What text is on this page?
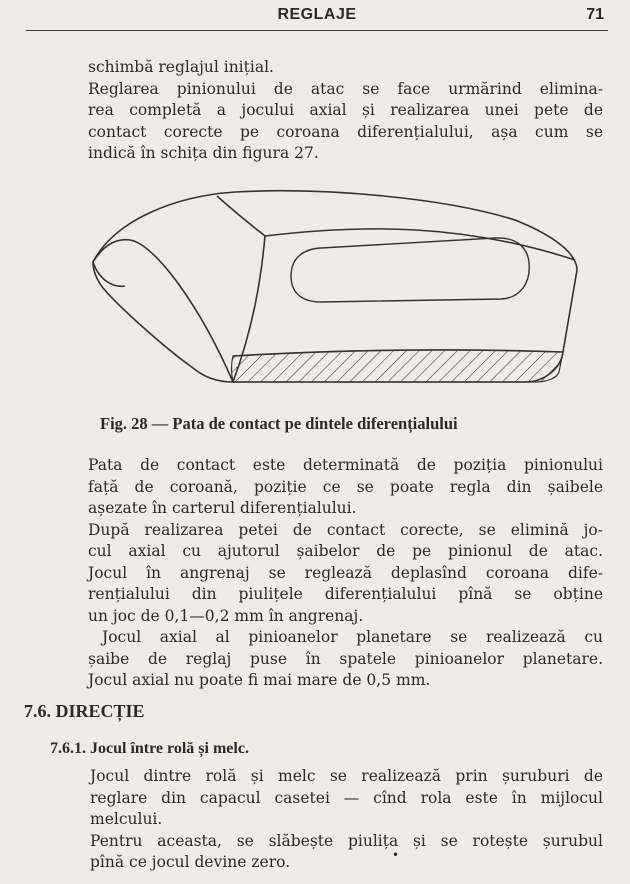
REGLAJE	71
schimbă reglajul inițial.
Reglarea pinionului de atac se face urmărind elimina-
rea completă a jocului axial și realizarea unei pete de
contact corecte pe coroana diferențialului, așa cum se
indică în schița din figura 27.
Fig. 28 — Pata de contact pe dintele diferențialului
Pata de contact este determinată de poziția pinionului
față de coroană, poziție ce se poate regla din șaibele
așezate în carterul diferențialului.
După realizarea petei de contact corecte, se elimină jo-
cul axial cu ajutorul șaibelor de pe pinionul de atac.
Jocul în angrenaj se reglează deplasînd coroana dife-
rențialului din piulițele diferențialului pînă se obține
un joc de 0,1—0,2 mm în angrenaj.
Jocul axial al pinioanelor planetare se realizează cu
șaibe de reglaj puse în spatele pinioanelor planetare.
Jocul axial nu poate fi mai mare de 0,5 mm.
7.6. DIRECȚIE
7.6.1. Jocul între rolă și melc.
Jocul dintre rolă și melc se realizează prin șuruburi de
reglare din capacul casetei — cînd rola este în mijlocul
melcului.
Pentru aceasta, se slăbește piulița și se rotește șurubul
pînă ce jocul devine zero.	•
